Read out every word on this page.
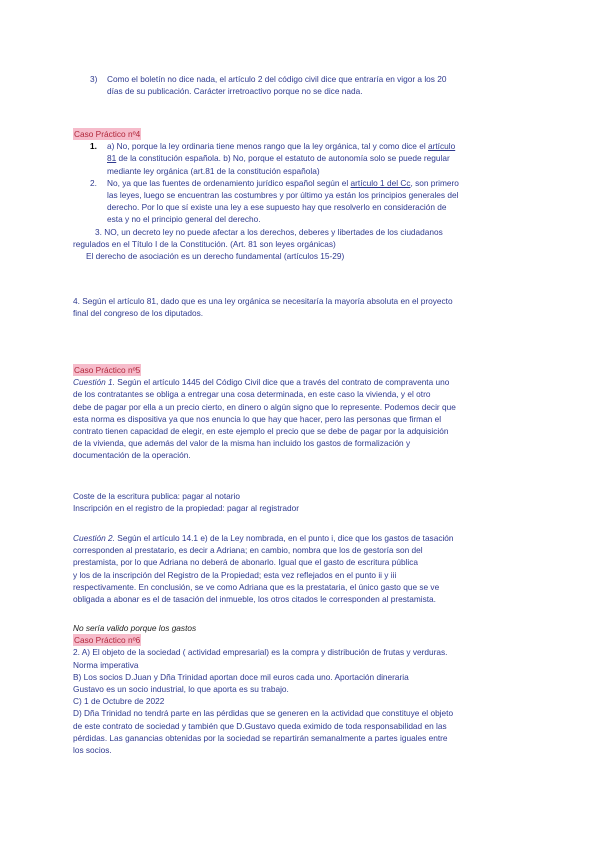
3) Como el boletín no dice nada, el artículo 2 del código civil dice que entraría en vigor a los 20

días de su publicación. Carácter irretroactivo porque no se dice nada.

Caso Práctico nº4

1. a) No, porque la ley ordinaria tiene menos rango que la ley orgánica, tal y como dice el artículo

81 de la constitución española. b) No, porque el estatuto de autonomía solo se puede regular

mediante ley orgánica (art.81 de la constitución española)

2. No, ya que las fuentes de ordenamiento jurídico español según el artículo 1 del Cc, son primero

las leyes, luego se encuentran las costumbres y por último ya están los principios generales del

derecho. Por lo que sí existe una ley a ese supuesto hay que resolverlo en consideración de

esta y no el principio general del derecho.

3. NO, un decreto ley no puede afectar a los derechos, deberes y libertades de los ciudadanos

regulados en el Título I de la Constitución. (Art. 81 son leyes orgánicas)

El derecho de asociación es un derecho fundamental (artículos 15-29)

4. Según el artículo 81, dado que es una ley orgánica se necesitaría la mayoría absoluta en el proyecto

final del congreso de los diputados.

Caso Práctico nº5

Cuestión 1. Según el artículo 1445 del Código Civil dice que a través del contrato de compraventa uno

de los contratantes se obliga a entregar una cosa determinada, en este caso la vivienda, y el otro

debe de pagar por ella a un precio cierto, en dinero o algún signo que lo represente. Podemos decir que

esta norma es dispositiva ya que nos enuncia lo que hay que hacer, pero las personas que firman el

contrato tienen capacidad de elegir, en este ejemplo el precio que se debe de pagar por la adquisición

de la vivienda, que además del valor de la misma han incluido los gastos de formalización y

documentación de la operación.

Coste de la escritura publica: pagar al notario

Inscripción en el registro de la propiedad: pagar al registrador

Cuestión 2. Según el artículo 14.1 e) de la Ley nombrada, en el punto i, dice que los gastos de tasación

corresponden al prestatario, es decir a Adriana; en cambio, nombra que los de gestoría son del

prestamista, por lo que Adriana no deberá de abonarlo. Igual que el gasto de escritura pública

y los de la inscripción del Registro de la Propiedad; esta vez reflejados en el punto ii y iii

respectivamente. En conclusión, se ve como Adriana que es la prestataria, el único gasto que se ve

obligada a abonar es el de tasación del inmueble, los otros citados le corresponden al prestamista.

No sería valido porque los gastos

Caso Práctico nº6

2. A) El objeto de la sociedad ( actividad empresarial) es la compra y distribución de frutas y verduras.

Norma imperativa

B) Los socios D.Juan y Dña Trinidad aportan doce mil euros cada uno. Aportación dineraria

Gustavo es un socio industrial, lo que aporta es su trabajo.

C) 1 de Octubre de 2022

D) Dña Trinidad no tendrá parte en las pérdidas que se generen en la actividad que constituye el objeto

de este contrato de sociedad y también que D.Gustavo queda eximido de toda responsabilidad en las

pérdidas. Las ganancias obtenidas por la sociedad se repartirán semanalmente a partes iguales entre

los socios.
